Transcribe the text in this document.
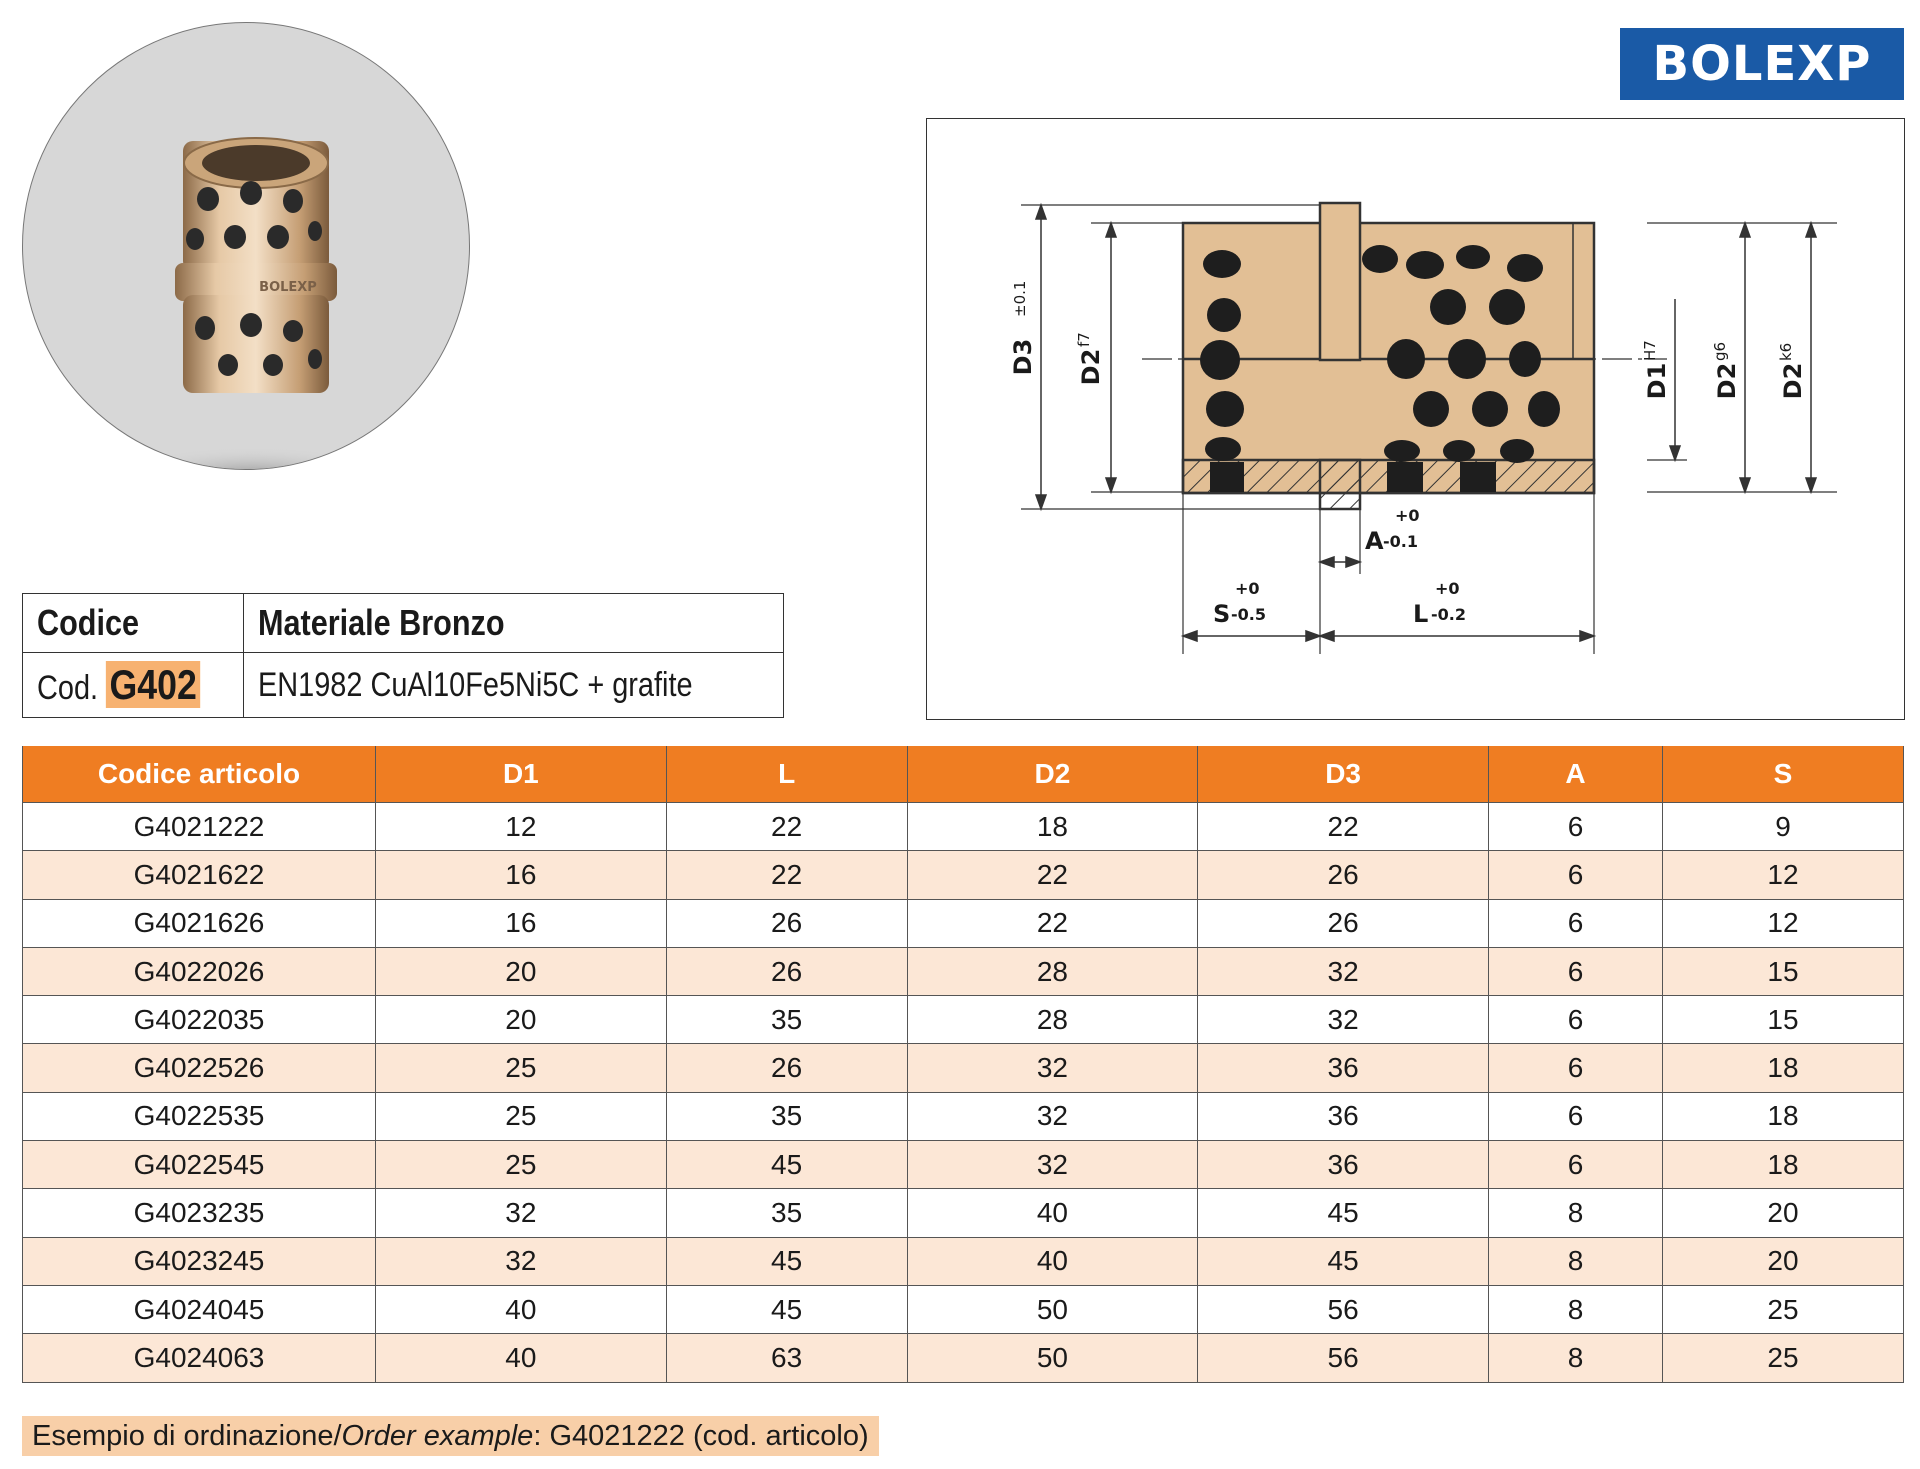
BOLEXP
BOLEXP
D3
±0.1
D2
f7
D1
H7
D2
g6
D2
k6
+0
A -0.1
+0
S -0.5
+0
L -0.2
Codice	Materiale Bronzo
Cod. G402	EN1982 CuAl10Fe5Ni5C + grafite
Codice articolo	D1	L	D2	D3	A	S
G4021222	12	22	18	22	6	9
G4021622	16	22	22	26	6	12
G4021626	16	26	22	26	6	12
G4022026	20	26	28	32	6	15
G4022035	20	35	28	32	6	15
G4022526	25	26	32	36	6	18
G4022535	25	35	32	36	6	18
G4022545	25	45	32	36	6	18
G4023235	32	35	40	45	8	20
G4023245	32	45	40	45	8	20
G4024045	40	45	50	56	8	25
G4024063	40	63	50	56	8	25
Esempio di ordinazione/Order example: G4021222 (cod. articolo)
